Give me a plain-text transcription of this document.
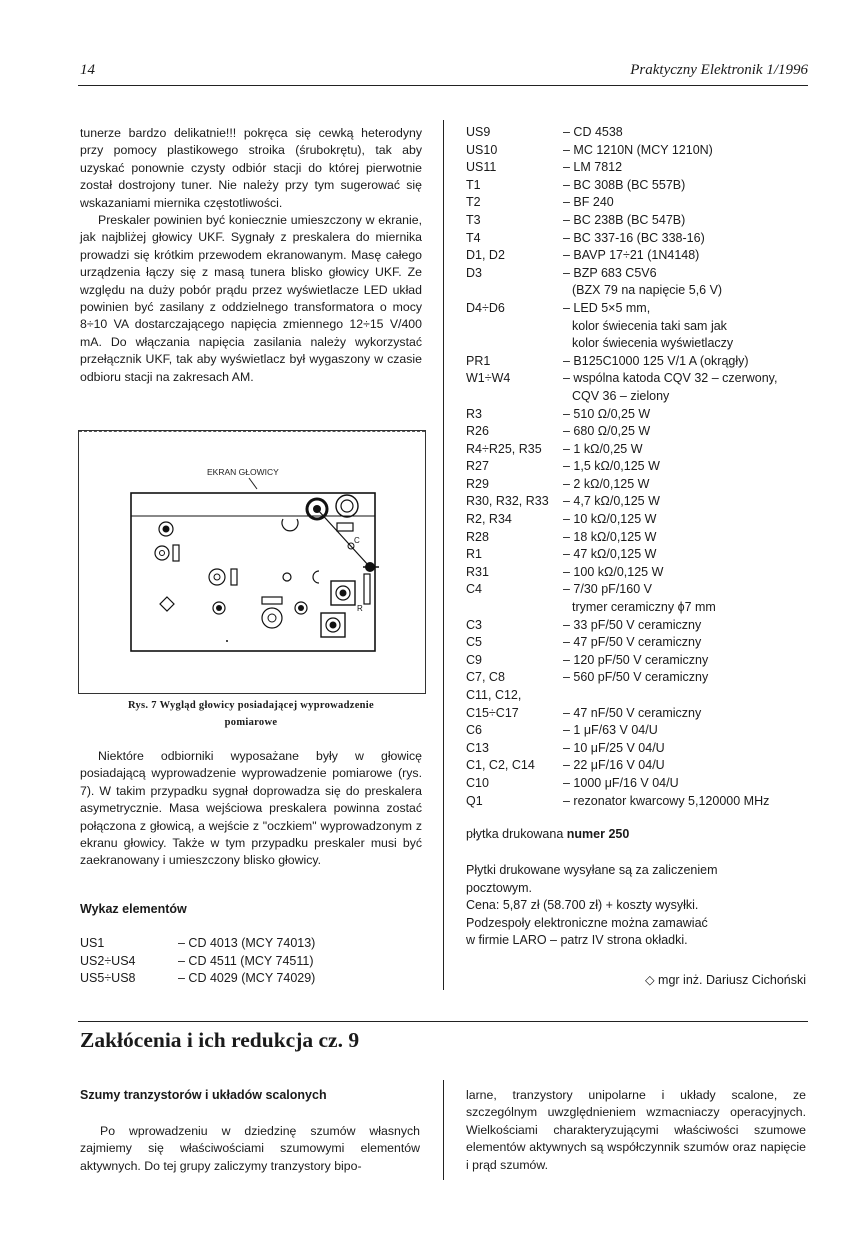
14	Praktyczny Elektronik 1/1996

tunerze bardzo delikatnie!!! pokręca się cewką heterodyny przy pomocy plastikowego stroika (śrubokrętu), tak aby uzyskać ponownie czysty odbiór stacji do której pierwotnie został dostrojony tuner. Nie należy przy tym sugerować się wskazaniami miernika częstotliwości.

Preskaler powinien być koniecznie umieszczony w ekranie, jak najbliżej głowicy UKF. Sygnały z preskalera do miernika prowadzi się krótkim przewodem ekranowanym. Masę całego urządzenia łączy się z masą tunera blisko głowicy UKF. Ze względu na duży pobór prądu przez wyświetlacze LED układ powinien być zasilany z oddzielnego transformatora o mocy 8÷10 VA dostarczającego napięcia zmiennego 12÷15 V/400 mA. Do włączania napięcia zasilania należy wykorzystać przełącznik UKF, tak aby wyświetlacz był wygaszony w czasie odbioru stacji na zakresach AM.

EKRAN GŁOWICY
C
R
Rys. 7 Wygląd głowicy posiadającej wyprowadzenie
pomiarowe

Niektóre odbiorniki wyposażane były w głowicę posiadającą wyprowadzenie wyprowadzenie pomiarowe (rys. 7). W takim przypadku sygnał doprowadza się do preskalera asymetrycznie. Masa wejściowa preskalera powinna zostać połączona z głowicą, a wejście z "oczkiem" wyprowadzonym z ekranu głowicy. Także w tym przypadku preskaler musi być zaekranowany i umieszczony blisko głowicy.

Wykaz elementów
US1	– CD 4013 (MCY 74013)
US2÷US4	– CD 4511 (MCY 74511)
US5÷US8	– CD 4029 (MCY 74029)
US9	– CD 4538
US10	– MC 1210N (MCY 1210N)
US11	– LM 7812
T1	– BC 308B (BC 557B)
T2	– BF 240
T3	– BC 238B (BC 547B)
T4	– BC 337-16 (BC 338-16)
D1, D2	– BAVP 17÷21 (1N4148)
D3	– BZP 683 C5V6
(BZX 79 na napięcie 5,6 V)
D4÷D6	– LED 5×5 mm,
kolor świecenia taki sam jak
kolor świecenia wyświetlaczy
PR1	– B125C1000 125 V/1 A (okrągły)
W1÷W4	– wspólna katoda CQV 32 – czerwony,
CQV 36 – zielony
R3	– 510 Ω/0,25 W
R26	– 680 Ω/0,25 W
R4÷R25, R35	– 1 kΩ/0,25 W
R27	– 1,5 kΩ/0,125 W
R29	– 2 kΩ/0,125 W
R30, R32, R33	– 4,7 kΩ/0,125 W
R2, R34	– 10 kΩ/0,125 W
R28	– 18 kΩ/0,125 W
R1	– 47 kΩ/0,125 W
R31	– 100 kΩ/0,125 W
C4	– 7/30 pF/160 V
trymer ceramiczny ϕ7 mm
C3	– 33 pF/50 V ceramiczny
C5	– 47 pF/50 V ceramiczny
C9	– 120 pF/50 V ceramiczny
C7, C8	– 560 pF/50 V ceramiczny
C11, C12,
C15÷C17	– 47 nF/50 V ceramiczny
C6	– 1 μF/63 V 04/U
C13	– 10 μF/25 V 04/U
C1, C2, C14	– 22 μF/16 V 04/U
C10	– 1000 μF/16 V 04/U
Q1	– rezonator kwarcowy 5,120000 MHz
płytka drukowana numer 250
Płytki drukowane wysyłane są za zaliczeniem
pocztowym.
Cena: 5,87 zł (58.700 zł) + koszty wysyłki.
Podzespoły elektroniczne można zamawiać
w firmie LARO – patrz IV strona okładki.
◇ mgr inż. Dariusz Cichoński
Zakłócenia i ich redukcja cz. 9
Szumy tranzystorów i układów scalonych
Po wprowadzeniu w dziedzinę szumów własnych zajmiemy się właściwościami szumowymi elementów aktywnych. Do tej grupy zaliczymy tranzystory bipo-
larne, tranzystory unipolarne i układy scalone, ze szczególnym uwzględnieniem wzmacniaczy operacyjnych. Wielkościami charakteryzującymi właściwości szumowe elementów aktywnych są współczynnik szumów oraz napięcie i prąd szumów.
